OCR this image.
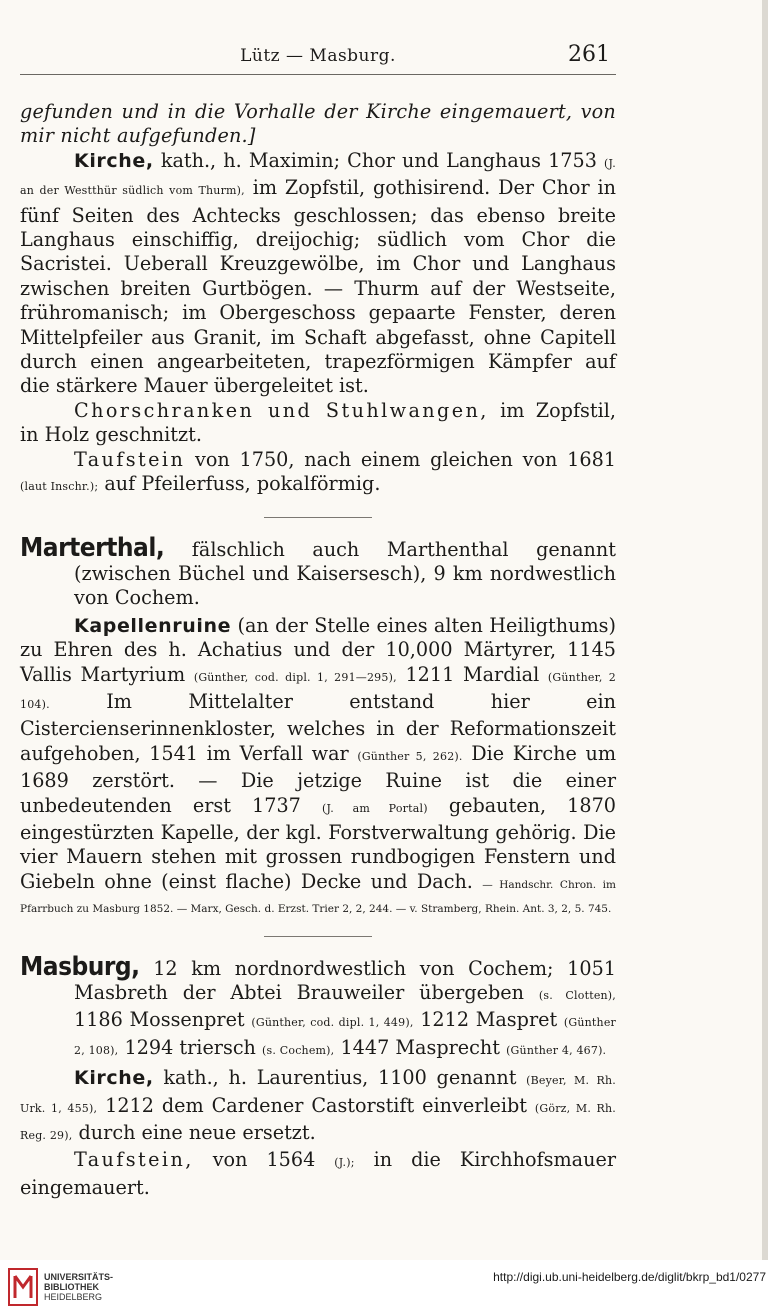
Lütz — Masburg.	261

gefunden und in die Vorhalle der Kirche eingemauert, von mir nicht aufgefunden.]

Kirche, kath., h. Maximin; Chor und Langhaus 1753 (J. an der Westthür südlich vom Thurm), im Zopfstil, gothisirend. Der Chor in fünf Seiten des Achtecks geschlossen; das ebenso breite Langhaus einschiffig, dreijochig; südlich vom Chor die Sacristei. Ueberall Kreuzgewölbe, im Chor und Langhaus zwischen breiten Gurtbögen. — Thurm auf der Westseite, frühromanisch; im Obergeschoss gepaarte Fenster, deren Mittelpfeiler aus Granit, im Schaft abgefasst, ohne Capitell durch einen angearbeiteten, trapezförmigen Kämpfer auf die stärkere Mauer übergeleitet ist.

Chorschranken und Stuhlwangen, im Zopfstil, in Holz geschnitzt.

Taufstein von 1750, nach einem gleichen von 1681 (laut Inschr.); auf Pfeilerfuss, pokalförmig.

Marterthal, fälschlich auch Marthenthal genannt (zwischen Büchel und Kaisersesch), 9 km nordwestlich von Cochem.

Kapellenruine (an der Stelle eines alten Heiligthums) zu Ehren des h. Achatius und der 10,000 Märtyrer, 1145 Vallis Martyrium (Günther, cod. dipl. 1, 291—295), 1211 Mardial (Günther, 2 104). Im Mittelalter entstand hier ein Cistercienserinnenkloster, welches in der Reformationszeit aufgehoben, 1541 im Verfall war (Günther 5, 262). Die Kirche um 1689 zerstört. — Die jetzige Ruine ist die einer unbedeutenden erst 1737 (J. am Portal) gebauten, 1870 eingestürzten Kapelle, der kgl. Forstverwaltung gehörig. Die vier Mauern stehen mit grossen rundbogigen Fenstern und Giebeln ohne (einst flache) Decke und Dach. — Handschr. Chron. im Pfarrbuch zu Masburg 1852. — Marx, Gesch. d. Erzst. Trier 2, 2, 244. — v. Stramberg, Rhein. Ant. 3, 2, 5. 745.

Masburg, 12 km nordnordwestlich von Cochem; 1051 Masbreth der Abtei Brauweiler übergeben (s. Clotten), 1186 Mossenpret (Günther, cod. dipl. 1, 449), 1212 Maspret (Günther 2, 108), 1294 triersch (s. Cochem), 1447 Masprecht (Günther 4, 467).

Kirche, kath., h. Laurentius, 1100 genannt (Beyer, M. Rh. Urk. 1, 455), 1212 dem Cardener Castorstift einverleibt (Görz, M. Rh. Reg. 29), durch eine neue ersetzt.

Taufstein, von 1564 (J.); in die Kirchhofsmauer eingemauert.

UNIVERSITÄTS-
BIBLIOTHEK
HEIDELBERG
http://digi.ub.uni-heidelberg.de/diglit/bkrp_bd1/0277
